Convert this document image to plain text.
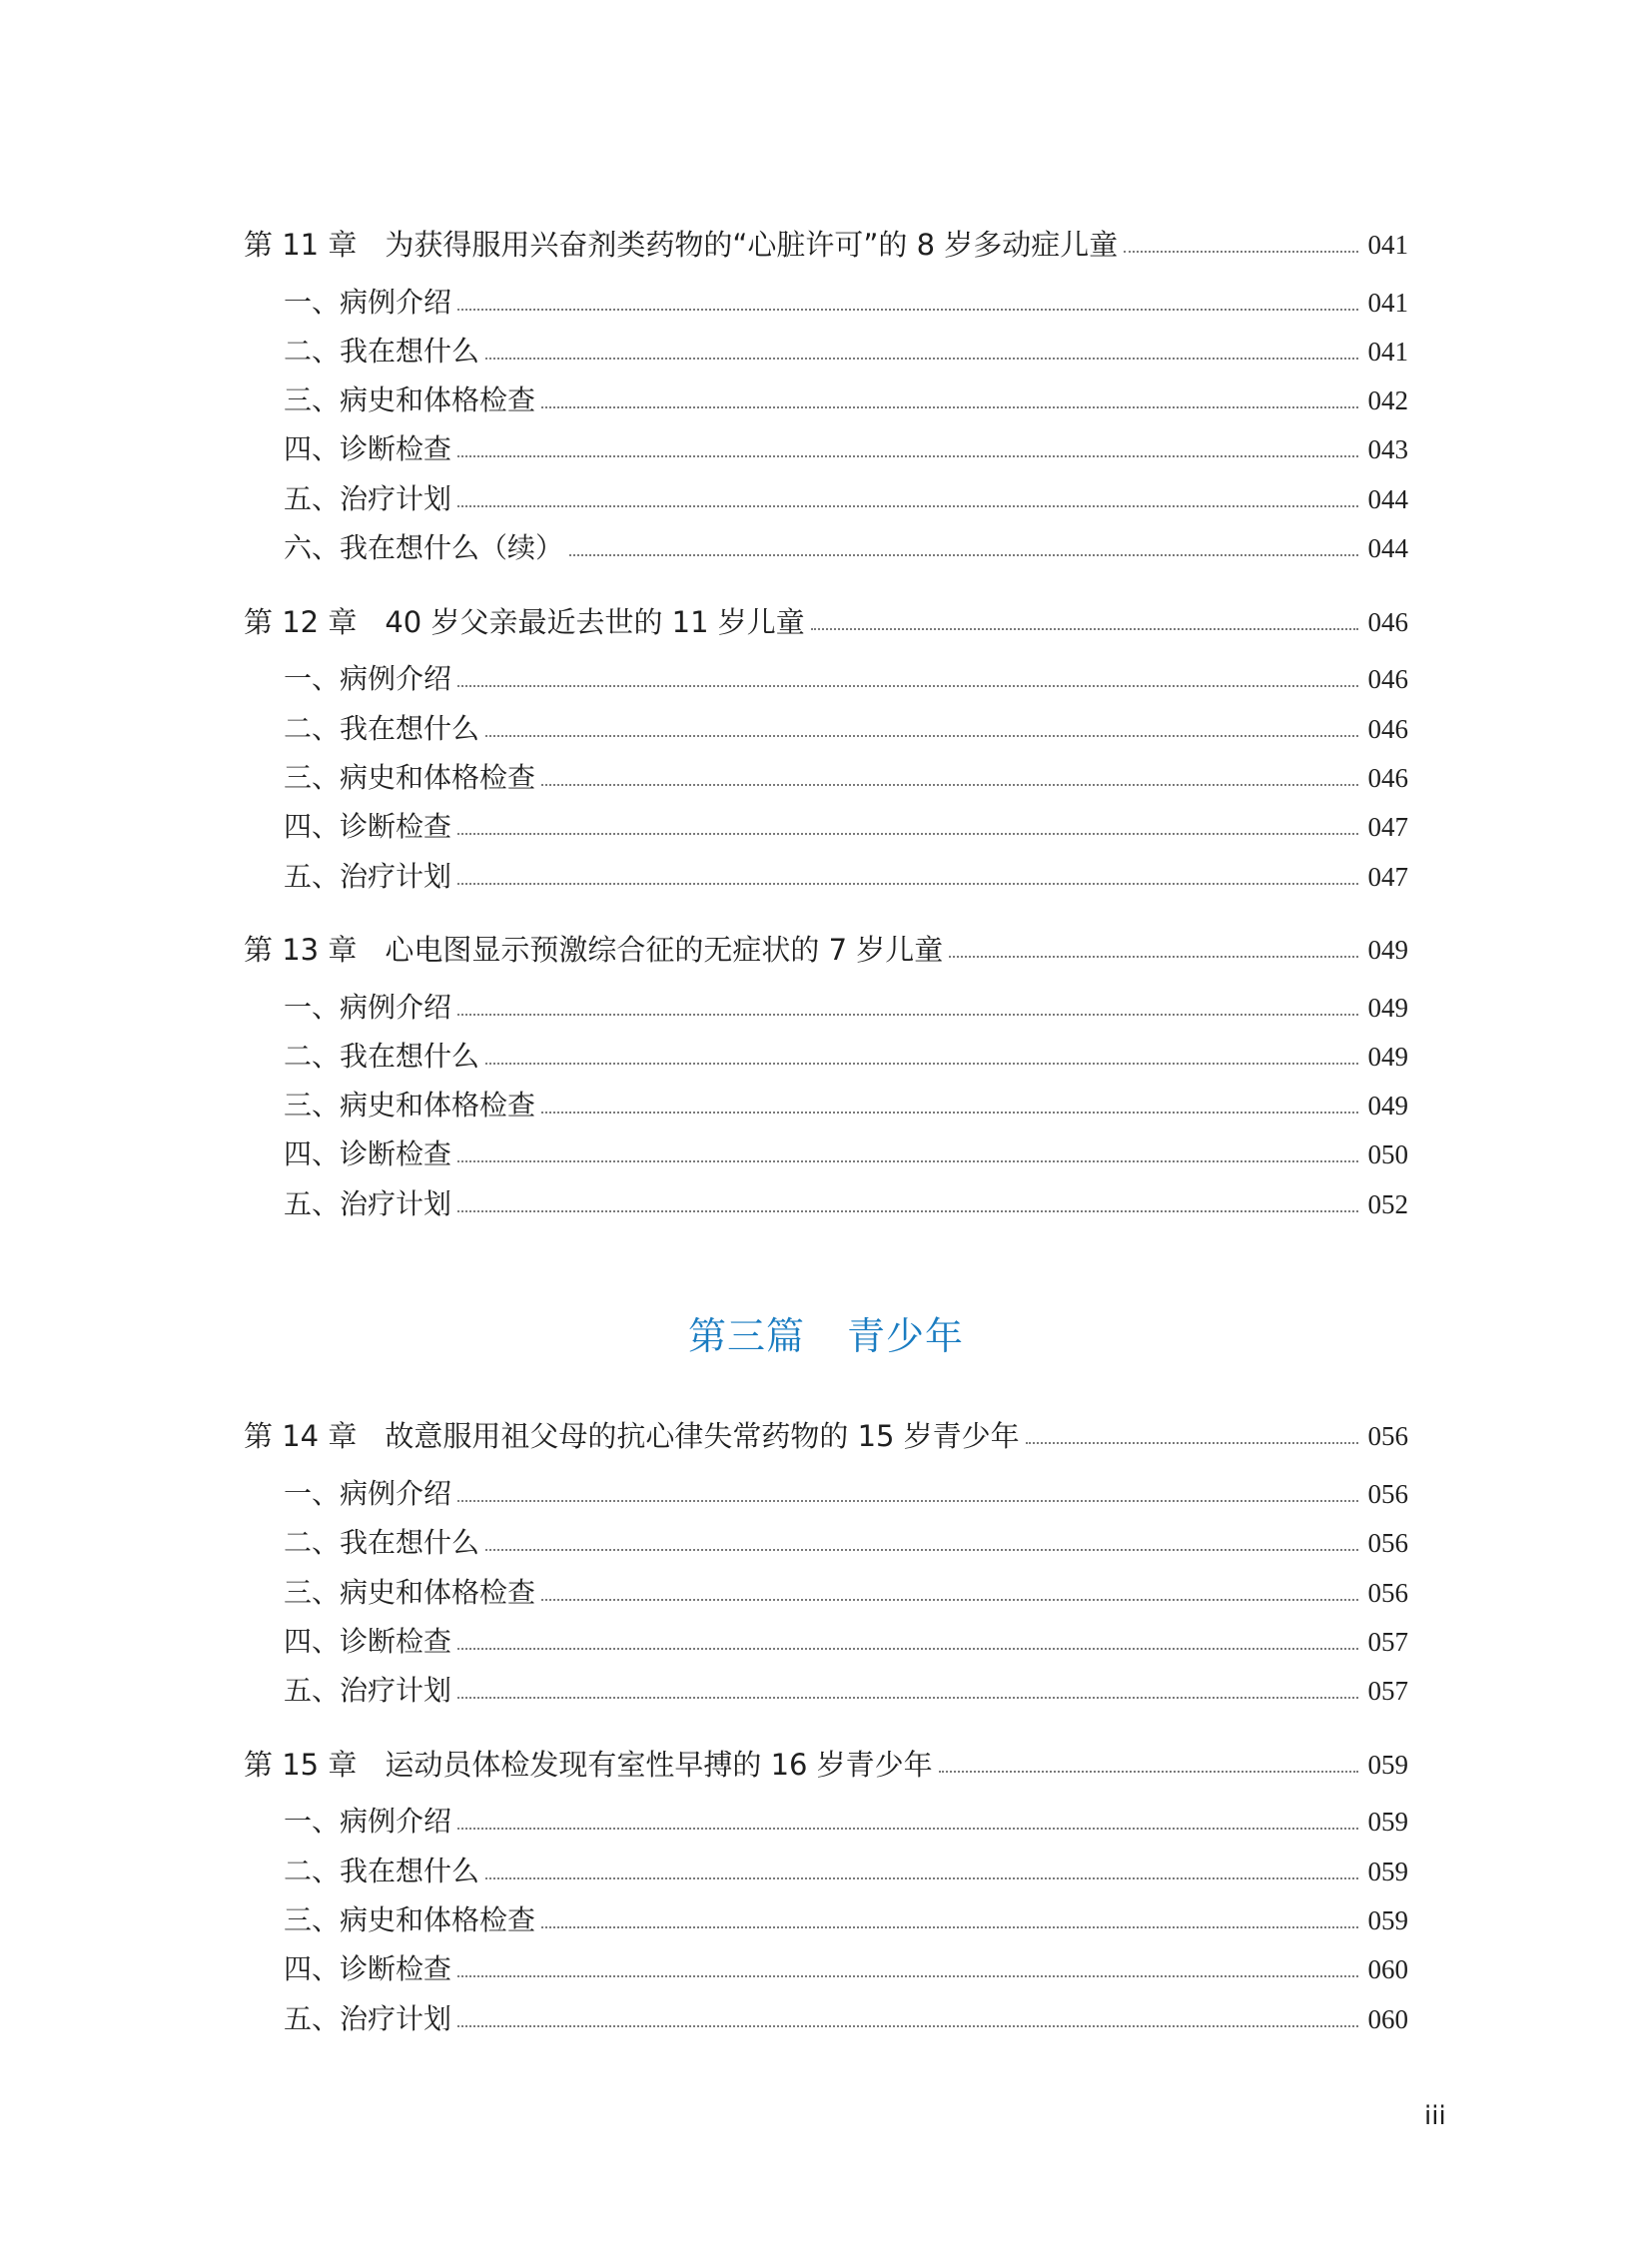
第 11 章 为获得服用兴奋剂类药物的“心脏许可”的 8 岁多动症儿童	041
一、病例介绍	041
二、我在想什么	041
三、病史和体格检查	042
四、诊断检查	043
五、治疗计划	044
六、我在想什么（续）	044
第 12 章 40 岁父亲最近去世的 11 岁儿童	046
一、病例介绍	046
二、我在想什么	046
三、病史和体格检查	046
四、诊断检查	047
五、治疗计划	047
第 13 章 心电图显示预激综合征的无症状的 7 岁儿童	049
一、病例介绍	049
二、我在想什么	049
三、病史和体格检查	049
四、诊断检查	050
五、治疗计划	052
第三篇 青少年
第 14 章 故意服用祖父母的抗心律失常药物的 15 岁青少年	056
一、病例介绍	056
二、我在想什么	056
三、病史和体格检查	056
四、诊断检查	057
五、治疗计划	057
第 15 章 运动员体检发现有室性早搏的 16 岁青少年	059
一、病例介绍	059
二、我在想什么	059
三、病史和体格检查	059
四、诊断检查	060
五、治疗计划	060
iii
